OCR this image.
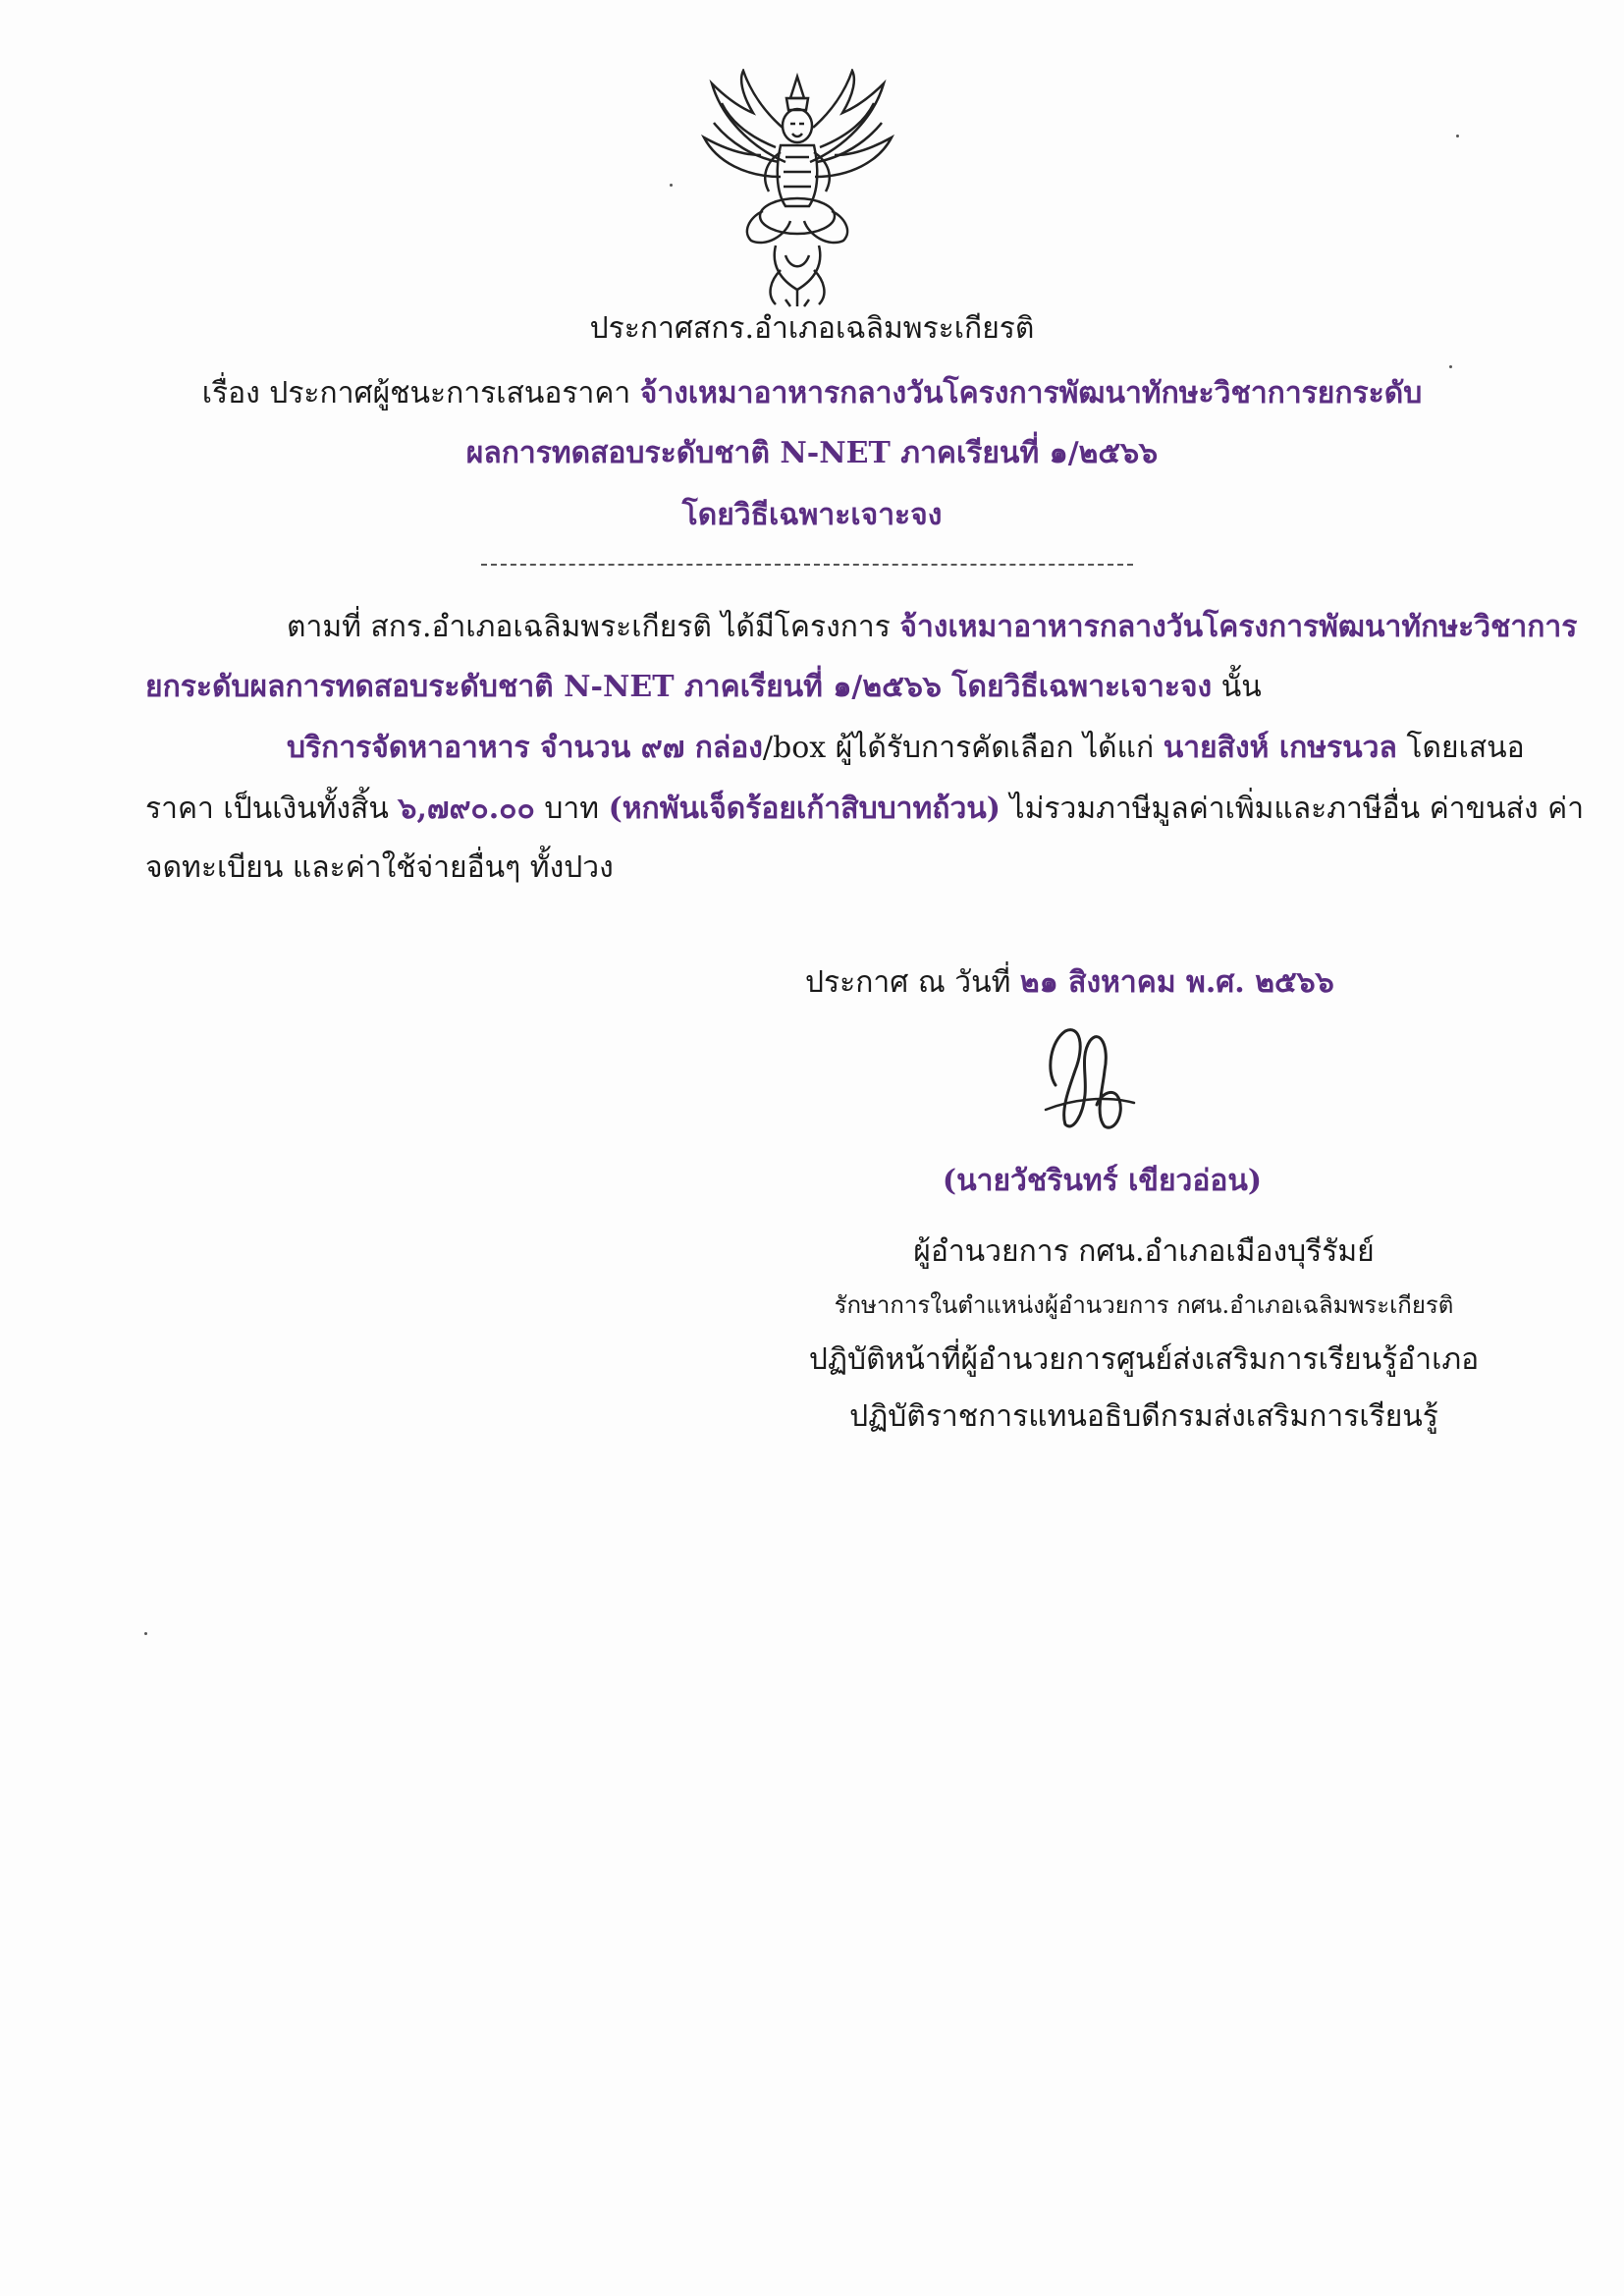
ประกาศสกร.อำเภอเฉลิมพระเกียรติ
เรื่อง ประกาศผู้ชนะการเสนอราคา จ้างเหมาอาหารกลางวันโครงการพัฒนาทักษะวิชาการยกระดับ
ผลการทดสอบระดับชาติ N-NET ภาคเรียนที่ ๑/๒๕๖๖
โดยวิธีเฉพาะเจาะจง
ตามที่ สกร.อำเภอเฉลิมพระเกียรติ ได้มีโครงการ จ้างเหมาอาหารกลางวันโครงการพัฒนาทักษะวิชาการ
ยกระดับผลการทดสอบระดับชาติ N-NET ภาคเรียนที่ ๑/๒๕๖๖ โดยวิธีเฉพาะเจาะจง นั้น
บริการจัดหาอาหาร จำนวน ๙๗ กล่อง/box ผู้ได้รับการคัดเลือก ได้แก่ นายสิงห์ เกษรนวล โดยเสนอ
ราคา เป็นเงินทั้งสิ้น ๖,๗๙๐.๐๐ บาท (หกพันเจ็ดร้อยเก้าสิบบาทถ้วน) ไม่รวมภาษีมูลค่าเพิ่มและภาษีอื่น ค่าขนส่ง ค่า
จดทะเบียน และค่าใช้จ่ายอื่นๆ ทั้งปวง
ประกาศ ณ วันที่ ๒๑ สิงหาคม พ.ศ. ๒๕๖๖
(นายวัชรินทร์ เขียวอ่อน)
ผู้อำนวยการ กศน.อำเภอเมืองบุรีรัมย์
รักษาการในตำแหน่งผู้อำนวยการ กศน.อำเภอเฉลิมพระเกียรติ
ปฏิบัติหน้าที่ผู้อำนวยการศูนย์ส่งเสริมการเรียนรู้อำเภอ
ปฏิบัติราชการแทนอธิบดีกรมส่งเสริมการเรียนรู้
